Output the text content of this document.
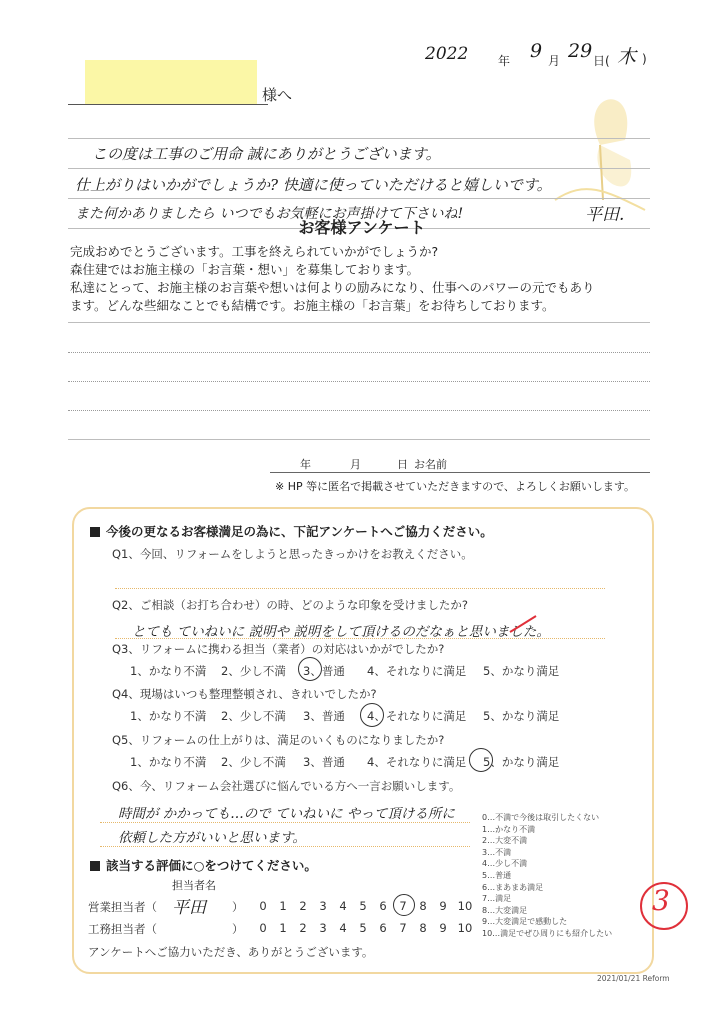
2022 年 9 月 29 日( 木 )
様へ
この度は工事のご用命 誠にありがとうございます。
仕上がりはいかがでしょうか? 快適に使っていただけると嬉しいです。
また何かありましたら いつでもお気軽にお声掛けて下さいね!	平田.
お客様アンケート
完成おめでとうございます。工事を終えられていかがでしょうか?
森住建ではお施主様の「お言葉・想い」を募集しております。
私達にとって、お施主様のお言葉や想いは何よりの励みになり、仕事へのパワーの元でもあり
ます。どんな些細なことでも結構です。お施主様の「お言葉」をお待ちしております。
年	月	日 お名前
※ HP 等に匿名で掲載させていただきますので、よろしくお願いします。
今後の更なるお客様満足の為に、下記アンケートへご協力ください。
Q1、今回、リフォームをしようと思ったきっかけをお教えください。
Q2、ご相談（お打ち合わせ）の時、どのような印象を受けましたか?
とても ていねいに 説明や 説明をして頂けるのだなぁと思いました。
Q3、リフォームに携わる担当（業者）の対応はいかがでしたか?
1、かなり不満 2、少し不満 3、普通 4、それなりに満足 5、かなり満足
Q4、現場はいつも整理整頓され、きれいでしたか?
1、かなり不満 2、少し不満 3、普通 4、それなりに満足 5、かなり満足
Q5、リフォームの仕上がりは、満足のいくものになりましたか?
1、かなり不満 2、少し不満 3、普通 4、それなりに満足 5、かなり満足
Q6、今、リフォーム会社選びに悩んでいる方へ一言お願いします。
時間が かかっても…ので ていねいに やって頂ける所に
依頼した方がいいと思います。
0…不満で今後は取引したくない
1…かなり不満
2…大変不満
3…不満
4…少し不満
5…普通
6…まあまあ満足
7…満足
8…大変満足
9…大変満足で感動した
10…満足でぜひ周りにも紹介したい
該当する評価に○をつけてください。
担当者名
営業担当者（ 平田 ）	0 1 2 3 4 5 6 7 8 9 10
工務担当者（	）	0 1 2 3 4 5 6 7 8 9 10
アンケートへご協力いただき、ありがとうございます。
3
2021/01/21 Reform
